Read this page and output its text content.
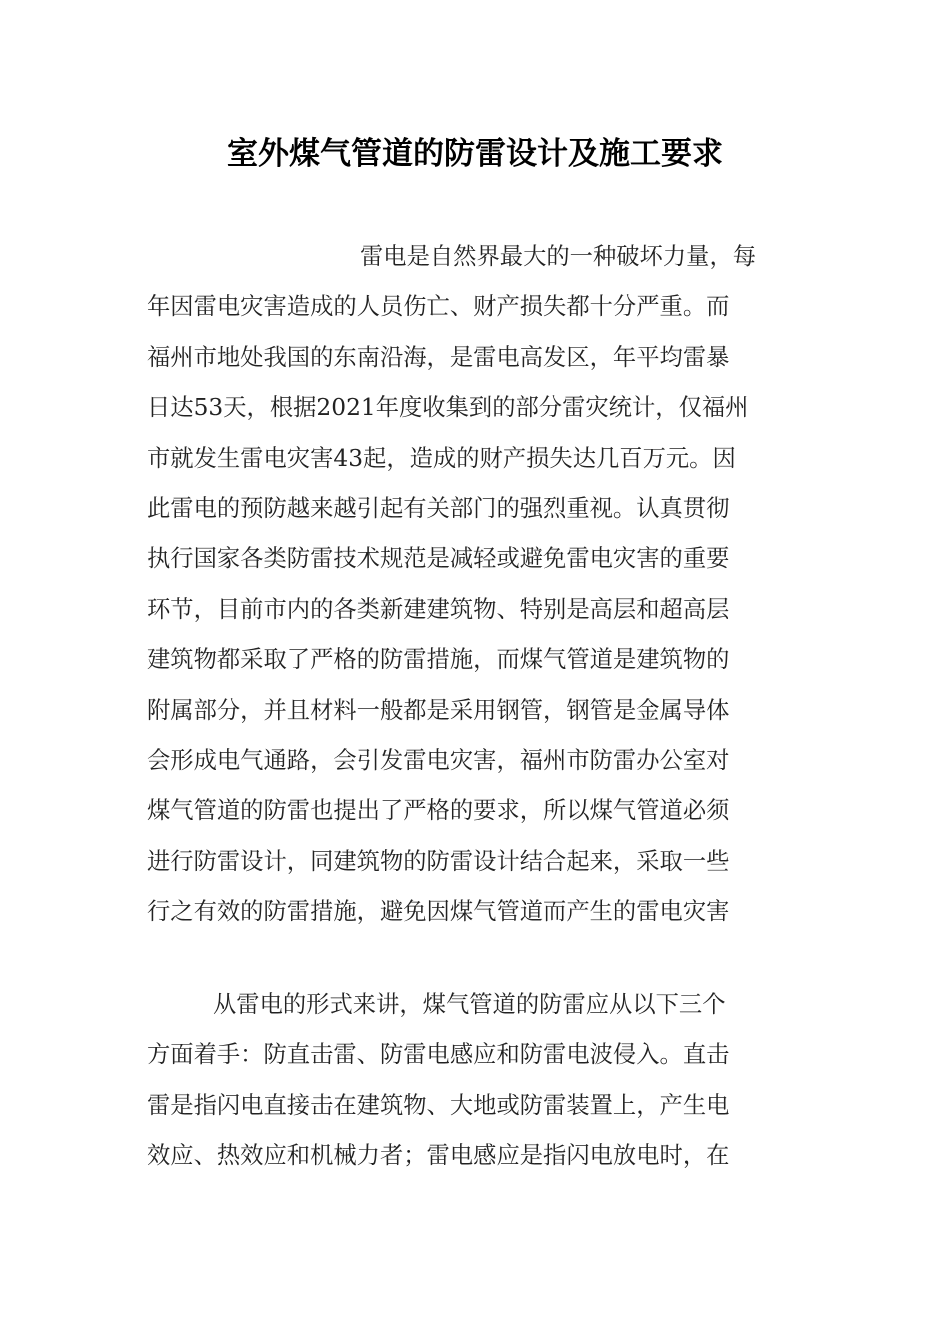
室外煤气管道的防雷设计及施工要求

雷电是自然界最大的一种破坏力量，每
年因雷电灾害造成的人员伤亡、财产损失都十分严重。而
福州市地处我国的东南沿海，是雷电高发区，年平均雷暴
日达53天，根据2021年度收集到的部分雷灾统计，仅福州
市就发生雷电灾害43起，造成的财产损失达几百万元。因
此雷电的预防越来越引起有关部门的强烈重视。认真贯彻
执行国家各类防雷技术规范是减轻或避免雷电灾害的重要
环节，目前市内的各类新建建筑物、特别是高层和超高层
建筑物都采取了严格的防雷措施，而煤气管道是建筑物的
附属部分，并且材料一般都是采用钢管，钢管是金属导体
会形成电气通路，会引发雷电灾害，福州市防雷办公室对
煤气管道的防雷也提出了严格的要求，所以煤气管道必须
进行防雷设计，同建筑物的防雷设计结合起来，采取一些
行之有效的防雷措施，避免因煤气管道而产生的雷电灾害

从雷电的形式来讲，煤气管道的防雷应从以下三个
方面着手：防直击雷、防雷电感应和防雷电波侵入。直击
雷是指闪电直接击在建筑物、大地或防雷装置上，产生电
效应、热效应和机械力者；雷电感应是指闪电放电时，在
